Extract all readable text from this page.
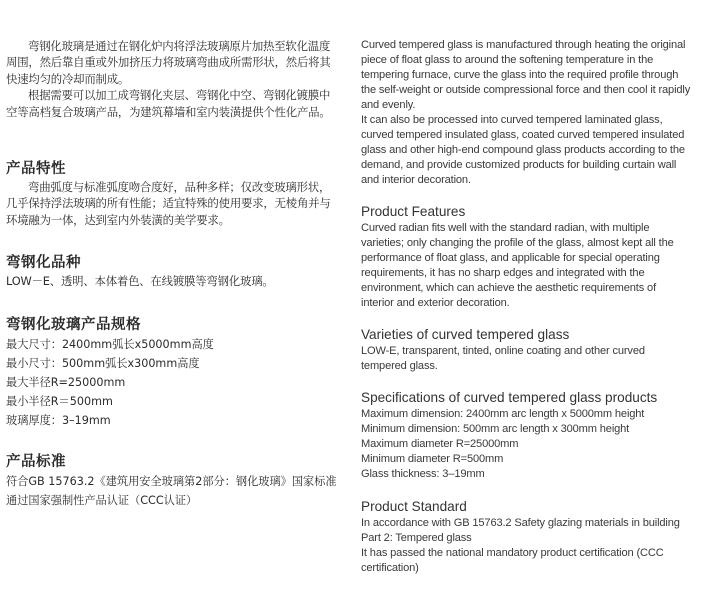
弯钢化玻璃是通过在钢化炉内将浮法玻璃原片加热至软化温度周围，然后靠自重或外加挤压力将玻璃弯曲成所需形状，然后将其快速均匀的冷却而制成。

根据需要可以加工成弯钢化夹层、弯钢化中空、弯钢化镀膜中空等高档复合玻璃产品，为建筑幕墙和室内装潢提供个性化产品。

产品特性

弯曲弧度与标准弧度吻合度好，品种多样；仅改变玻璃形状，几乎保持浮法玻璃的所有性能；适宜特殊的使用要求，无棱角并与环境融为一体，达到室内外装潢的美学要求。

弯钢化品种

LOW－E、透明、本体着色、在线镀膜等弯钢化玻璃。

弯钢化玻璃产品规格
最大尺寸：2400mm弧长x5000mm高度
最小尺寸：500mm弧长x300mm高度
最大半径R=25000mm
最小半径R＝500mm
玻璃厚度：3–19mm
产品标准
符合GB 15763.2《建筑用安全玻璃第2部分：钢化玻璃》国家标准
通过国家强制性产品认证（CCC认证）

Curved tempered glass is manufactured through heating the original piece of float glass to around the softening temperature in the tempering furnace, curve the glass into the required profile through the self-weight or outside compressional force and then cool it rapidly and evenly.

It can also be processed into curved tempered laminated glass, curved tempered insulated glass, coated curved tempered insulated glass and other high-end compound glass products according to the demand, and provide customized products for building curtain wall and interior decoration.

Product Features

Curved radian fits well with the standard radian, with multiple varieties; only changing the profile of the glass, almost kept all the performance of float glass, and applicable for special operating requirements, it has no sharp edges and integrated with the environment, which can achieve the aesthetic requirements of interior and exterior decoration.

Varieties of curved tempered glass

LOW-E, transparent, tinted, online coating and other curved tempered glass.

Specifications of curved tempered glass products
Maximum dimension: 2400mm arc length x 5000mm height
Minimum dimension: 500mm arc length x 300mm height
Maximum diameter R=25000mm
Minimum diameter R=500mm
Glass thickness: 3–19mm
Product Standard
In accordance with GB 15763.2 Safety glazing materials in building Part 2: Tempered glass
It has passed the national mandatory product certification (CCC certification)
